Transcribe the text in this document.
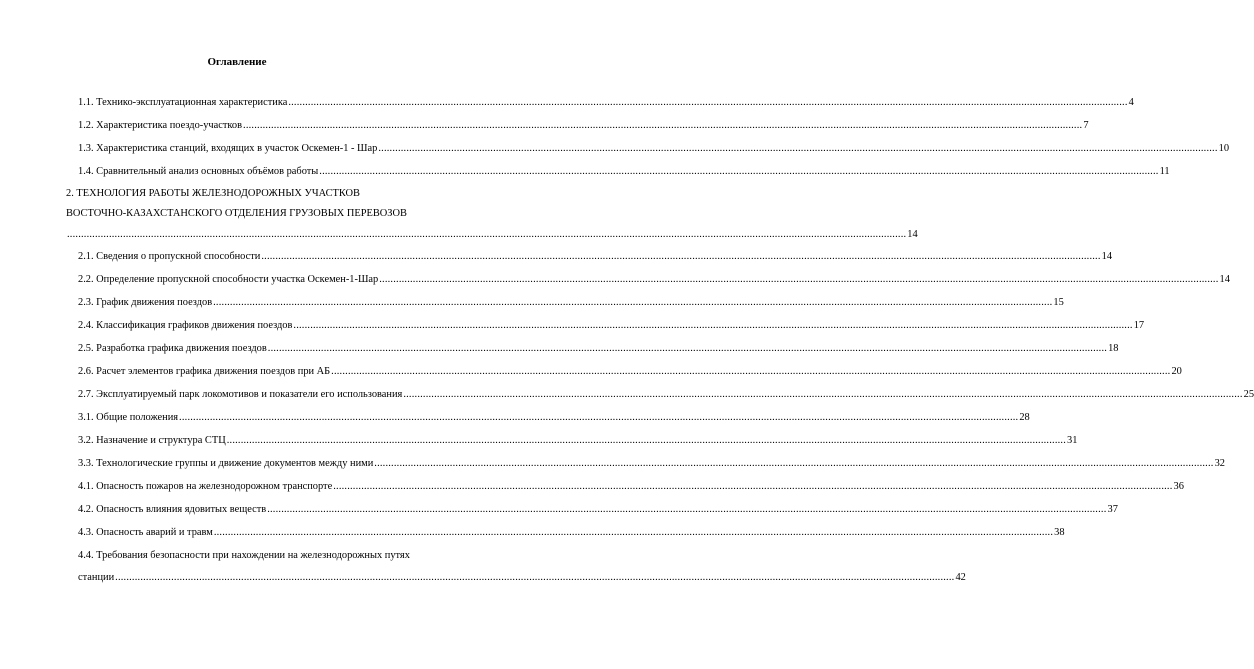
Оглавление
1.1. Технико-эксплуатационная характеристика ............................................................................................................................................................................................................................................................................................................ 4
1.2. Характеристика поездо-участков ............................................................................................................................................................................................................................................................................................................ 7
1.3. Характеристика станций, входящих в участок Оскемен-1 - Шар ............................................................................................................................................................................................................................................................................................................ 10
1.4. Сравнительный анализ основных объёмов работы ............................................................................................................................................................................................................................................................................................................ 11
2. ТЕХНОЛОГИЯ РАБОТЫ ЖЕЛЕЗНОДОРОЖНЫХ УЧАСТКОВ
ВОСТОЧНО-КАЗАХСТАНСКОГО ОТДЕЛЕНИЯ ГРУЗОВЫХ ПЕРЕВОЗОВ
............................................................................................................................................................................................................................................................................................................ 14
2.1. Сведения о пропускной способности ............................................................................................................................................................................................................................................................................................................ 14
2.2. Определение пропускной способности участка Оскемен-1-Шар ............................................................................................................................................................................................................................................................................................................ 14
2.3. График движения поездов ............................................................................................................................................................................................................................................................................................................ 15
2.4. Классификация графиков движения поездов ............................................................................................................................................................................................................................................................................................................ 17
2.5. Разработка графика движения поездов ............................................................................................................................................................................................................................................................................................................ 18
2.6. Расчет элементов графика движения поездов при АБ ............................................................................................................................................................................................................................................................................................................ 20
2.7. Эксплуатируемый парк локомотивов и показатели его использования ............................................................................................................................................................................................................................................................................................................ 25
3.1. Общие положения ............................................................................................................................................................................................................................................................................................................ 28
3.2. Назначение и структура СТЦ ............................................................................................................................................................................................................................................................................................................ 31
3.3. Технологические группы и движение документов между ними ............................................................................................................................................................................................................................................................................................................ 32
4.1. Опасность пожаров на железнодорожном транспорте ............................................................................................................................................................................................................................................................................................................ 36
4.2. Опасность влияния ядовитых веществ ............................................................................................................................................................................................................................................................................................................ 37
4.3. Опасность аварий и травм ............................................................................................................................................................................................................................................................................................................ 38
4.4. Требования безопасности при нахождении на железнодорожных путях
станции ............................................................................................................................................................................................................................................................................................................ 42
